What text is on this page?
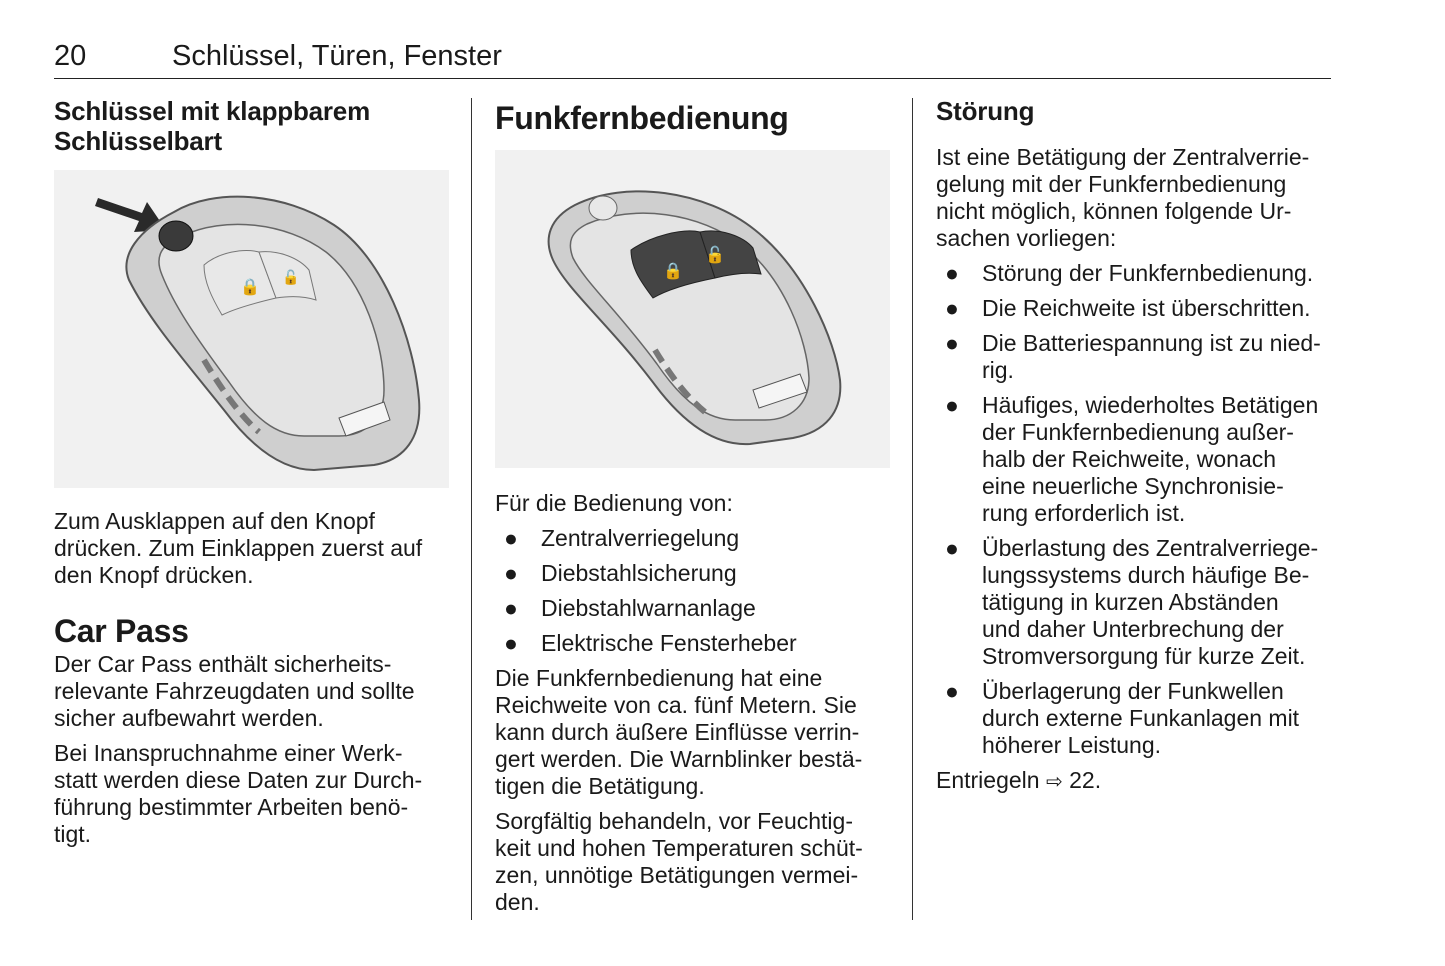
20	Schlüssel, Türen, Fenster
Schlüssel mit klappbarem
Schlüsselbart
🔒 🔓

Zum Ausklappen auf den Knopf
drücken. Zum Einklappen zuerst auf
den Knopf drücken.

Car Pass

Der Car Pass enthält sicherheits-
relevante Fahrzeugdaten und sollte
sicher aufbewahrt werden.

Bei Inanspruchnahme einer Werk-
statt werden diese Daten zur Durch-
führung bestimmter Arbeiten benö-
tigt.

Funkfernbedienung
🔒
🔓

Für die Bedienung von:

● Zentralverriegelung
● Diebstahlsicherung
● Diebstahlwarnanlage
● Elektrische Fensterheber

Die Funkfernbedienung hat eine
Reichweite von ca. fünf Metern. Sie
kann durch äußere Einflüsse verrin-
gert werden. Die Warnblinker bestä-
tigen die Betätigung.

Sorgfältig behandeln, vor Feuchtig-
keit und hohen Temperaturen schüt-
zen, unnötige Betätigungen vermei-
den.

Störung

Ist eine Betätigung der Zentralverrie-
gelung mit der Funkfernbedienung
nicht möglich, können folgende Ur-
sachen vorliegen:

● Störung der Funkfernbedienung.
● Die Reichweite ist überschritten.
● Die Batteriespannung ist zu nied-
rig.
● Häufiges, wiederholtes Betätigen
der Funkfernbedienung außer-
halb der Reichweite, wonach
eine neuerliche Synchronisie-
rung erforderlich ist.
● Überlastung des Zentralverriege-
lungssystems durch häufige Be-
tätigung in kurzen Abständen
und daher Unterbrechung der
Stromversorgung für kurze Zeit.
● Überlagerung der Funkwellen
durch externe Funkanlagen mit
höherer Leistung.

Entriegeln ⇨ 22.
